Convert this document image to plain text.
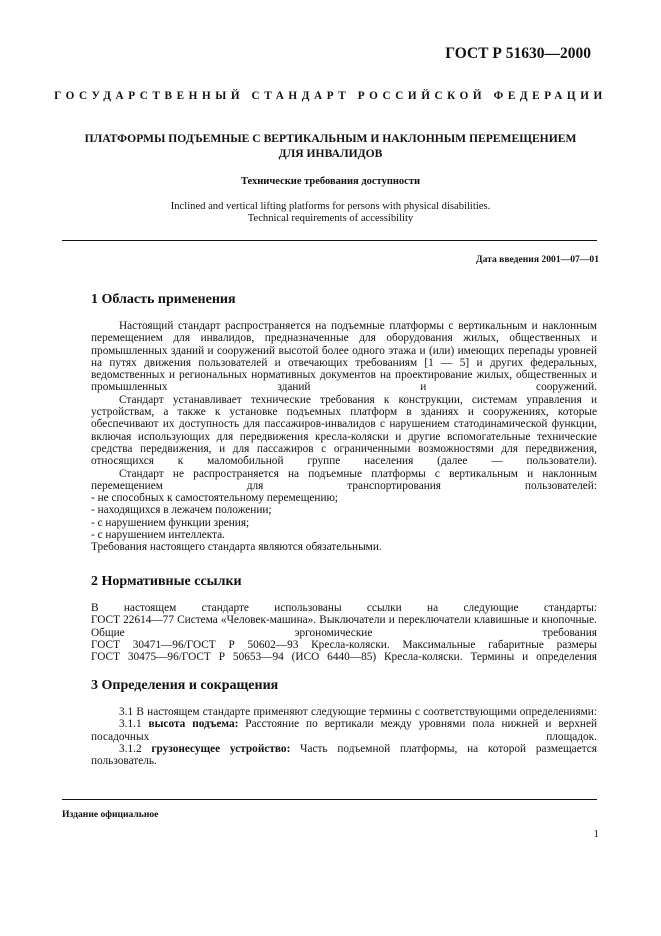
ГОСТ Р 51630—2000
ГОСУДАРСТВЕННЫЙ СТАНДАРТ РОССИЙСКОЙ ФЕДЕРАЦИИ
ПЛАТФОРМЫ ПОДЪЕМНЫЕ С ВЕРТИКАЛЬНЫМ И НАКЛОННЫМ ПЕРЕМЕЩЕНИЕМ
ДЛЯ ИНВАЛИДОВ
Технические требования доступности
Inclined and vertical lifting platforms for persons with physical disabilities.
Technical requirements of accessibility
Дата введения 2001—07—01
1 Область применения

Настоящий стандарт распространяется на подъемные платформы с вертикальным и наклонным перемещением для инвалидов, предназначенные для оборудования жилых, общественных и промышленных зданий и сооружений высотой более одного этажа и (или) имеющих перепады уровней на путях движения пользователей и отвечающих требованиям [1 — 5] и других федеральных, ведомственных и региональных нормативных документов на проектирование жилых, общественных и промышленных зданий и сооружений.

Стандарт устанавливает технические требования к конструкции, системам управления и устройствам, а также к установке подъемных платформ в зданиях и сооружениях, которые обеспечивают их доступность для пассажиров-инвалидов с нарушением статодинамической функции, включая использующих для передвижения кресла-коляски и другие вспомогательные технические средства передвижения, и для пассажиров с ограниченными возможностями для передвижения, относящихся к маломобильной группе населения (далее — пользователи).

Стандарт не распространяется на подъемные платформы с вертикальным и наклонным перемещением для транспортирования пользователей:

- не способных к самостоятельному перемещению;

- находящихся в лежачем положении;

- с нарушением функции зрения;

- с нарушением интеллекта.

Требования настоящего стандарта являются обязательными.

2 Нормативные ссылки

В настоящем стандарте использованы ссылки на следующие стандарты:

ГОСТ 22614—77 Система «Человек-машина». Выключатели и переключатели клавишные и кнопочные. Общие эргономические требования

ГОСТ 30471—96/ГОСТ Р 50602—93 Кресла-коляски. Максимальные габаритные размеры

ГОСТ 30475—96/ГОСТ Р 50653—94 (ИСО 6440—85) Кресла-коляски. Термины и определения

3 Определения и сокращения

3.1 В настоящем стандарте применяют следующие термины с соответствующими определениями:

3.1.1 высота подъема: Расстояние по вертикали между уровнями пола нижней и верхней посадочных площадок.

3.1.2 грузонесущее устройство: Часть подъемной платформы, на которой размещается пользователь.

Издание официальное
1
